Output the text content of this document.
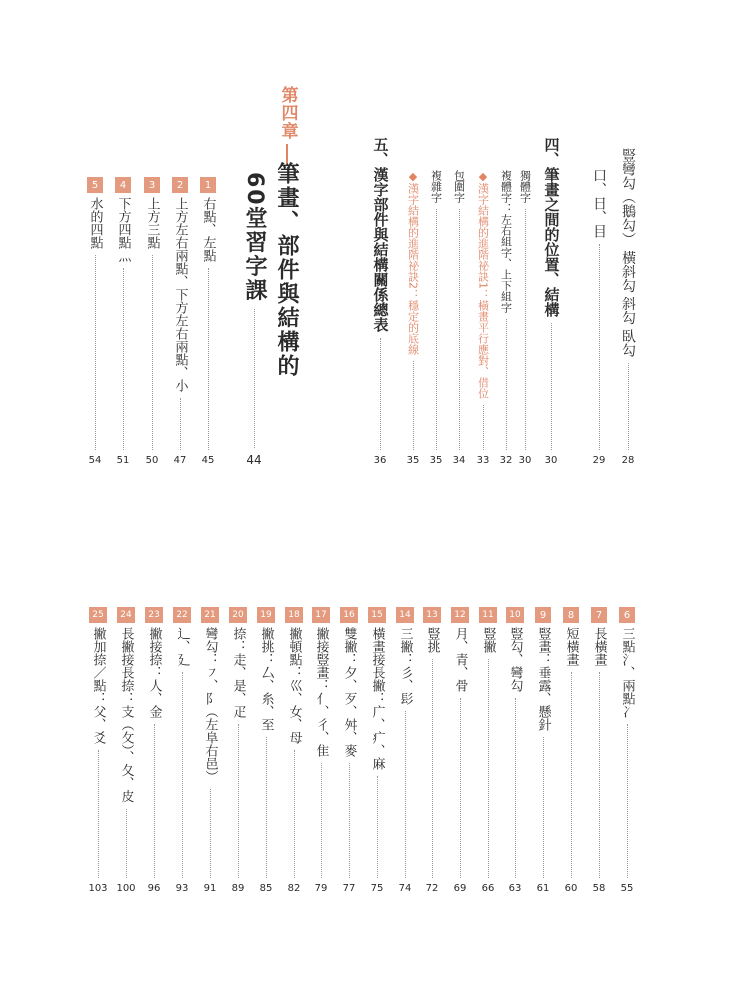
豎彎勾（鵝勾） 橫斜勾 斜勾 臥勾
28
口、日、目
29
四、筆畫之間的位置、結構
30
獨體字
30
複體字：左右組字、上下組字
32
◆漢字結構的進階祕訣1：橫畫平行應對、借位
33
包圍字
34
複雜字
35
◆漢字結構的進階祕訣2：穩定的底線
35
五、漢字部件與結構關係總表
36
第四章
筆畫、部件與結構的
60堂習字課
44
1
右點、左點
45
2
上方左右兩點、下方左右兩點、小
47
3
上方三點
50
4
下方四點灬
51
5
水的四點
54
6
三點氵、兩點冫
55
7
長橫畫
58
8
短橫畫
60
9
豎畫：垂露、懸針
61
10
豎勾、彎勾
63
11
豎撇
66
12
月、青、骨
69
13
豎挑
72
14
三撇：彡、髟
74
15
橫畫接長撇：广、疒、麻
75
16
雙撇：夕、歹、舛、麥
77
17
撇接豎畫：亻、彳、隹
79
18
撇頓點：巛、女、母
82
19
撇挑：厶、糸、至
85
20
捺：走、是、疋
89
21
彎勾：㇇、阝（左阜右邑）
91
22
辶、廴
93
23
撇接捺：人、金
96
24
長撇接長捺：支（攵）、夂、皮
100
25
撇加捺／點：父、爻
103
